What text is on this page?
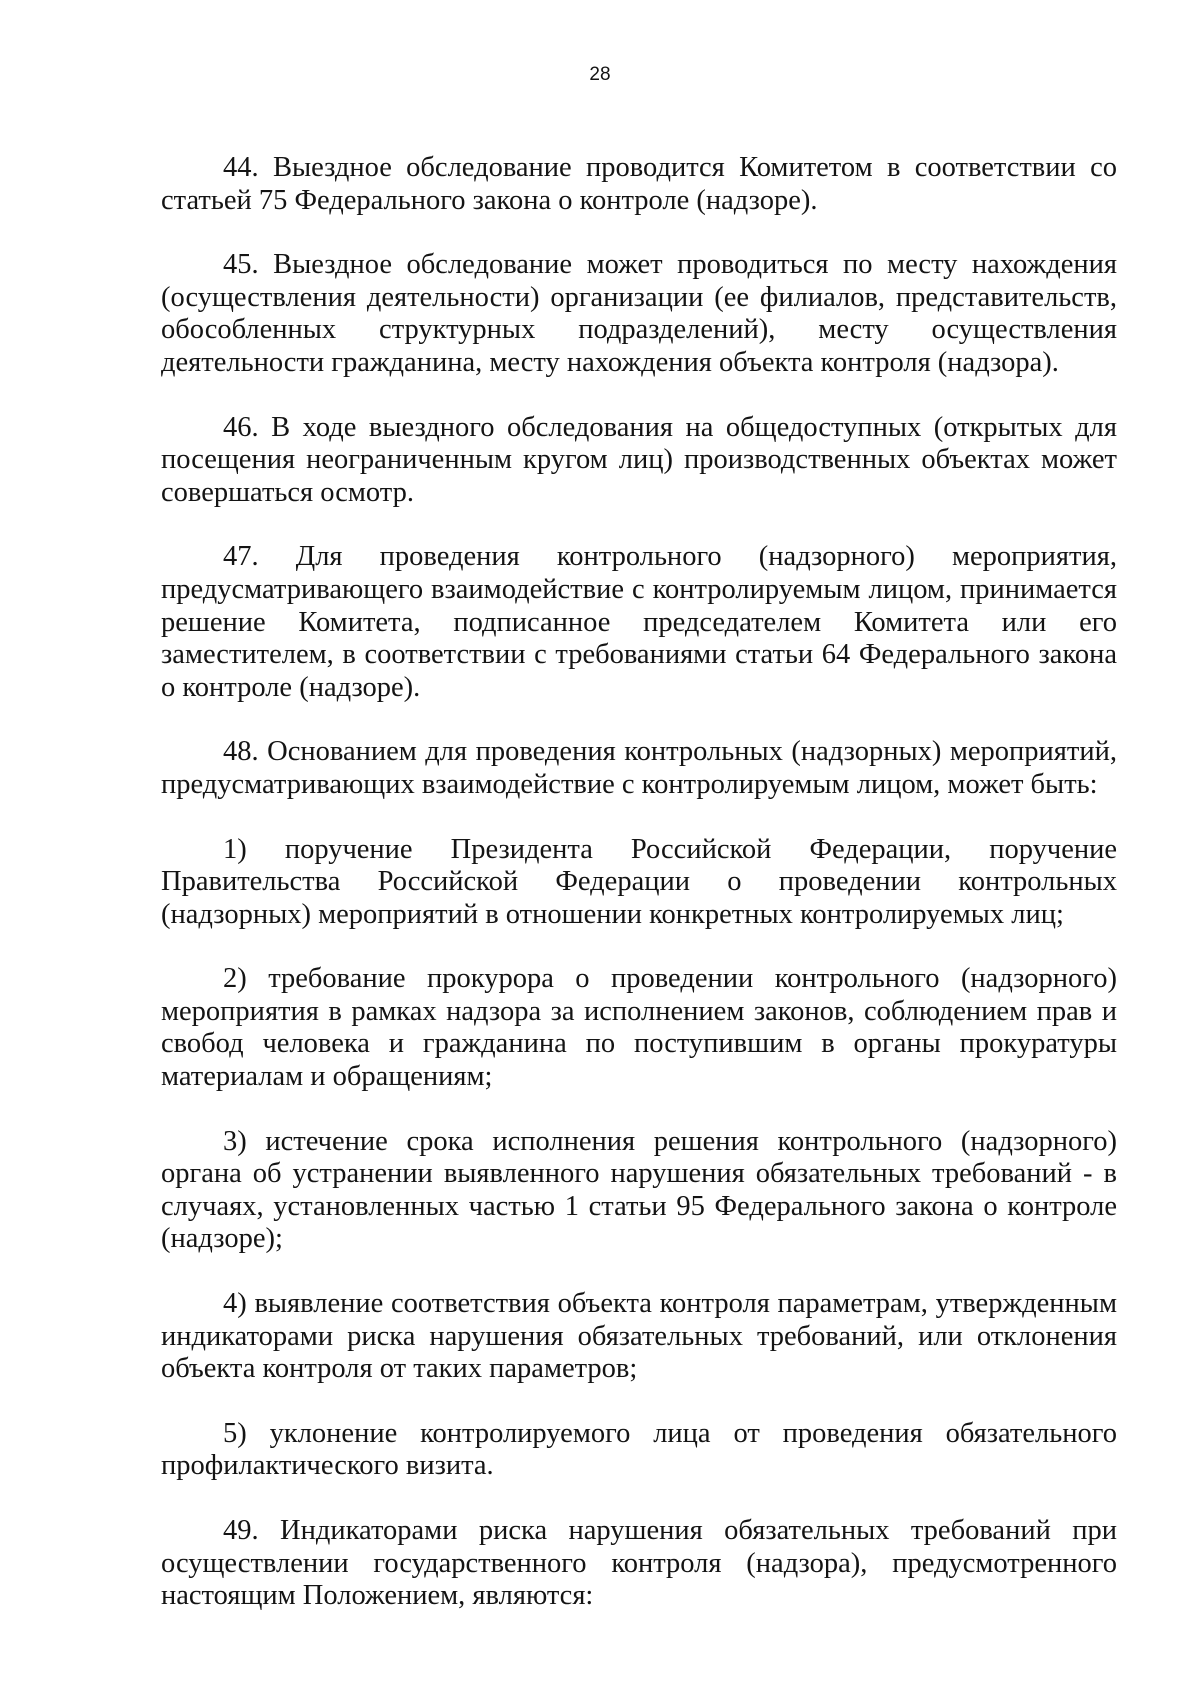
28

44. Выездное обследование проводится Комитетом в соответствии со статьей 75 Федерального закона о контроле (надзоре).

45. Выездное обследование может проводиться по месту нахождения (осуществления деятельности) организации (ее филиалов, представительств, обособленных структурных подразделений), месту осуществления деятельности гражданина, месту нахождения объекта контроля (надзора).

46. В ходе выездного обследования на общедоступных (открытых для посещения неограниченным кругом лиц) производственных объектах может совершаться осмотр.

47. Для проведения контрольного (надзорного) мероприятия, предусматривающего взаимодействие с контролируемым лицом, принимается решение Комитета, подписанное председателем Комитета или его заместителем, в соответствии с требованиями статьи 64 Федерального закона о контроле (надзоре).

48. Основанием для проведения контрольных (надзорных) мероприятий, предусматривающих взаимодействие с контролируемым лицом, может быть:

1) поручение Президента Российской Федерации, поручение Правительства Российской Федерации о проведении контрольных (надзорных) мероприятий в отношении конкретных контролируемых лиц;

2) требование прокурора о проведении контрольного (надзорного) мероприятия в рамках надзора за исполнением законов, соблюдением прав и свобод человека и гражданина по поступившим в органы прокуратуры материалам и обращениям;

3) истечение срока исполнения решения контрольного (надзорного) органа об устранении выявленного нарушения обязательных требований - в случаях, установленных частью 1 статьи 95 Федерального закона о контроле (надзоре);

4) выявление соответствия объекта контроля параметрам, утвержденным индикаторами риска нарушения обязательных требований, или отклонения объекта контроля от таких параметров;

5) уклонение контролируемого лица от проведения обязательного профилактического визита.

49. Индикаторами риска нарушения обязательных требований при осуществлении государственного контроля (надзора), предусмотренного настоящим Положением, являются:
